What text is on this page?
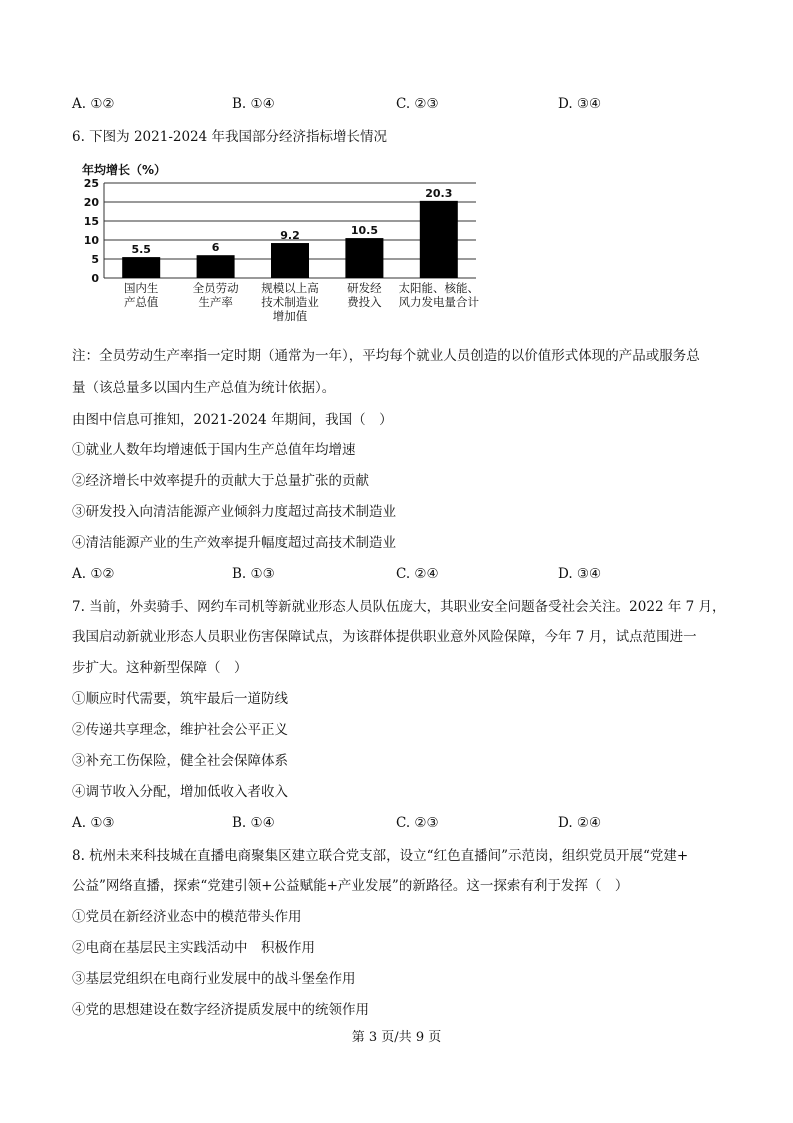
A. ①②	B. ①④	C. ②③	D. ③④
6. 下图为 2021-2024 年我国部分经济指标增长情况
年均增长（%）
0
5
10
15
20
25
5.5
国内生
产总值
6
全员劳动
生产率
9.2
规模以上高
技术制造业
增加值
10.5
研发经
费投入
20.3
太阳能、核能、
风力发电量合计
注：全员劳动生产率指一定时期（通常为一年），平均每个就业人员创造的以价值形式体现的产品或服务总
量（该总量多以国内生产总值为统计依据）。
由图中信息可推知，2021-2024 年期间，我国（　）
①就业人数年均增速低于国内生产总值年均增速
②经济增长中效率提升的贡献大于总量扩张的贡献
③研发投入向清洁能源产业倾斜力度超过高技术制造业
④清洁能源产业的生产效率提升幅度超过高技术制造业
A. ①②	B. ①③	C. ②④	D. ③④
7. 当前，外卖骑手、网约车司机等新就业形态人员队伍庞大，其职业安全问题备受社会关注。2022 年 7 月，
我国启动新就业形态人员职业伤害保障试点，为该群体提供职业意外风险保障，今年 7 月，试点范围进一
步扩大。这种新型保障（　）
①顺应时代需要，筑牢最后一道防线
②传递共享理念，维护社会公平正义
③补充工伤保险，健全社会保障体系
④调节收入分配，增加低收入者收入
A. ①③	B. ①④	C. ②③	D. ②④
8. 杭州未来科技城在直播电商聚集区建立联合党支部，设立“红色直播间”示范岗，组织党员开展“党建+
公益”网络直播，探索“党建引领+公益赋能+产业发展”的新路径。这一探索有利于发挥（　）
①党员在新经济业态中的模范带头作用
②电商在基层民主实践活动中　积极作用
③基层党组织在电商行业发展中的战斗堡垒作用
④党的思想建设在数字经济提质发展中的统领作用
第 3 页/共 9 页
